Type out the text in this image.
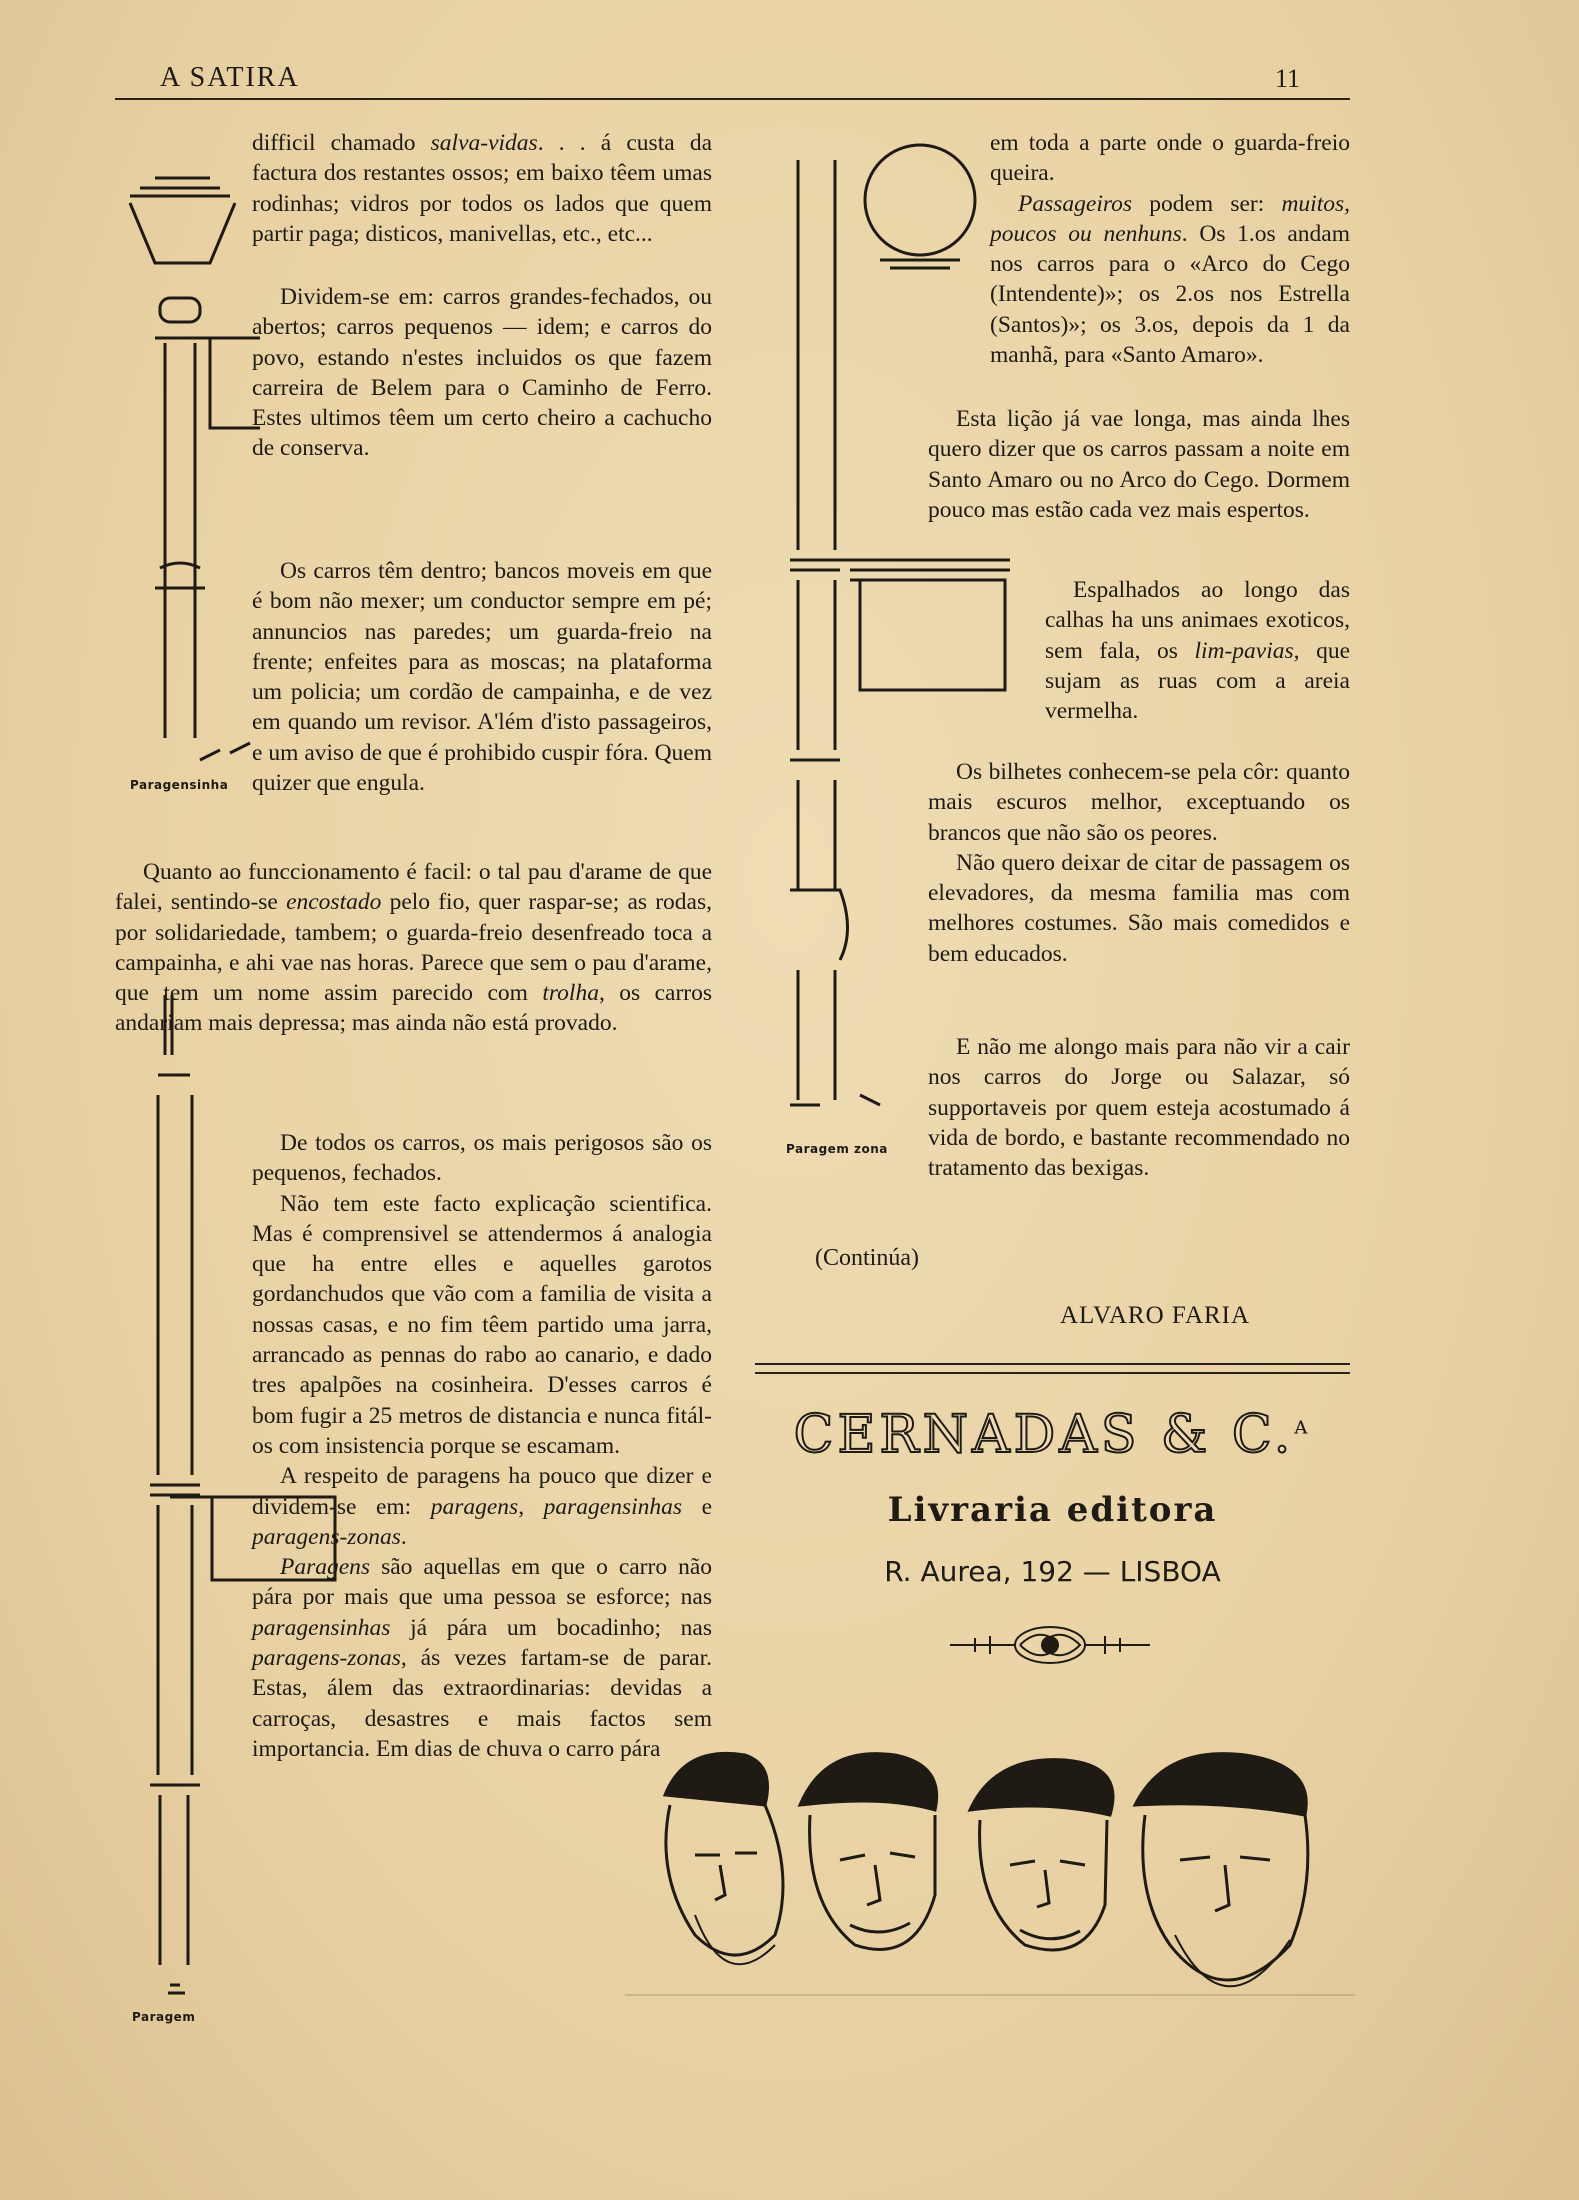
A SATIRA	11

difficil chamado salva-vidas. . . á custa da factura dos restantes ossos; em baixo têem umas rodinhas; vidros por todos os lados que quem partir paga; disticos, manivellas, etc., etc...

Dividem-se em: carros grandes-fechados, ou abertos; carros pequenos — idem; e carros do povo, estando n'estes incluidos os que fazem carreira de Belem para o Caminho de Ferro. Estes ultimos têem um certo cheiro a cachucho de conserva.

Os carros têm dentro; bancos moveis em que é bom não mexer; um conductor sempre em pé; annuncios nas paredes; um guarda-freio na frente; enfeites para as moscas; na plataforma um policia; um cordão de campainha, e de vez em quando um revisor. A'lém d'isto passageiros, e um aviso de que é prohibido cuspir fóra. Quem quizer que engula.

Quanto ao funccionamento é facil: o tal pau d'arame de que falei, sentindo-se encostado pelo fio, quer raspar-se; as rodas, por solidariedade, tambem; o guarda-freio desenfreado toca a campainha, e ahi vae nas horas. Parece que sem o pau d'arame, que tem um nome assim parecido com trolha, os carros andariam mais depressa; mas ainda não está provado.

De todos os carros, os mais perigosos são os pequenos, fechados.

Não tem este facto explicação scientifica. Mas é comprensivel se attendermos á analogia que ha entre elles e aquelles garotos gordanchudos que vão com a familia de visita a nossas casas, e no fim têem partido uma jarra, arrancado as pennas do rabo ao canario, e dado tres apalpões na cosinheira. D'esses carros é bom fugir a 25 metros de distancia e nunca fitál-os com insistencia porque se escamam.

A respeito de paragens ha pouco que dizer e dividem-se em: paragens, paragensinhas e paragens-zonas.

Paragens são aquellas em que o carro não pára por mais que uma pessoa se esforce; nas paragensinhas já pára um bocadinho; nas paragens-zonas, ás vezes fartam-se de parar. Estas, álem das extraordinarias: devidas a carroças, desastres e mais factos sem importancia. Em dias de chuva o carro pára

em toda a parte onde o guarda-freio queira.

Passageiros podem ser: muitos, poucos ou nenhuns. Os 1.os andam nos carros para o «Arco do Cego (Intendente)»; os 2.os nos Estrella (Santos)»; os 3.os, depois da 1 da manhã, para «Santo Amaro».

Esta lição já vae longa, mas ainda lhes quero dizer que os carros passam a noite em Santo Amaro ou no Arco do Cego. Dormem pouco mas estão cada vez mais espertos.

Espalhados ao longo das calhas ha uns animaes exoticos, sem fala, os lim-pavias, que sujam as ruas com a areia vermelha.

Os bilhetes conhecem-se pela côr: quanto mais escuros melhor, exceptuando os brancos que não são os peores.

Não quero deixar de citar de passagem os elevadores, da mesma familia mas com melhores costumes. São mais comedidos e bem educados.

E não me alongo mais para não vir a cair nos carros do Jorge ou Salazar, só supportaveis por quem esteja acostumado á vida de bordo, e bastante recommendado no tratamento das bexigas.

(Continúa)
ALVARO FARIA
Paragensinha
Paragem
Paragem zona
CERNADAS & C.$^A$
Livraria editora
R. Aurea, 192 — LISBOA
